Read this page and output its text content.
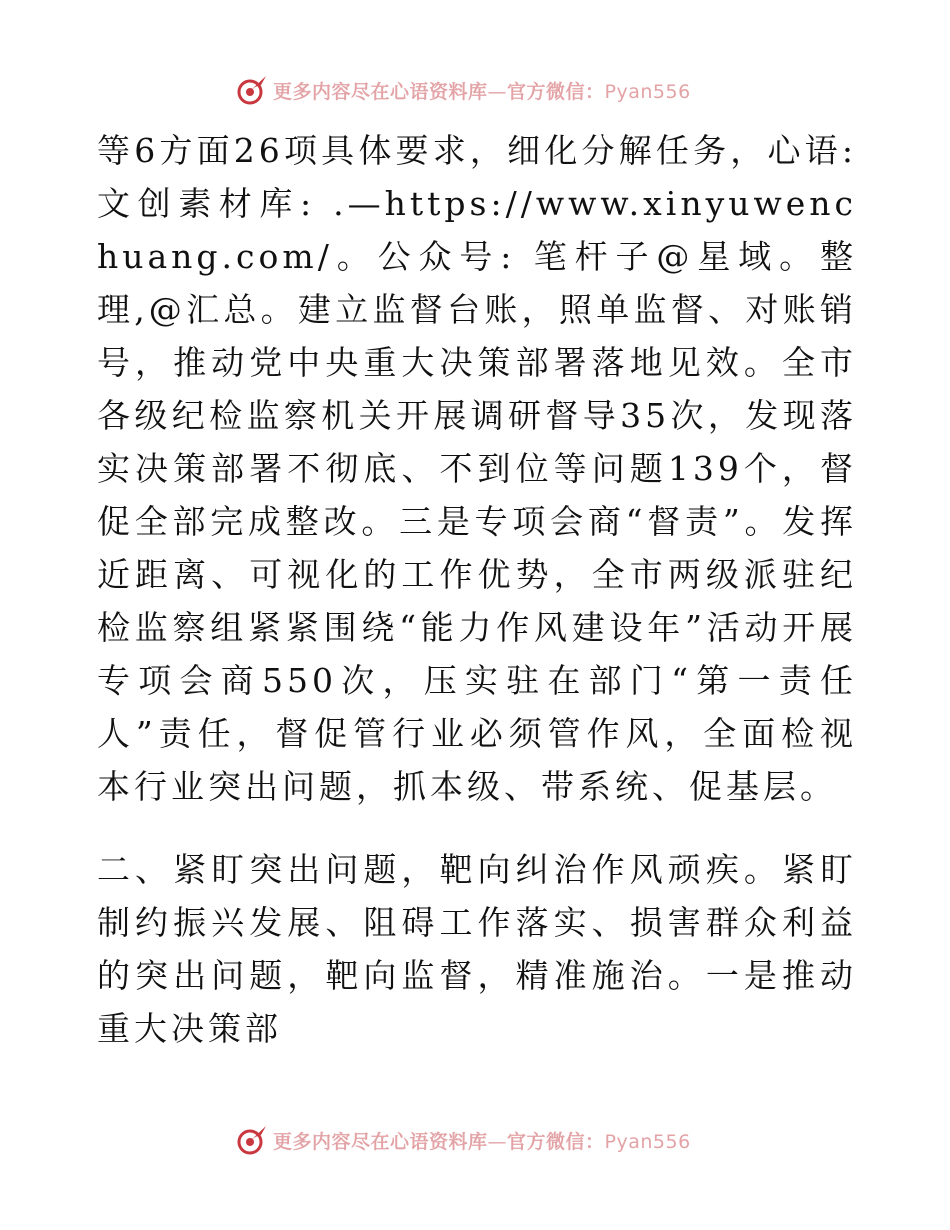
更多内容尽在心语资料库—官方微信：Pyan556

等6方面26项具体要求，细化分解任务，心语:文创素材库: .—https://www.xinyuwenchuang.com/。公众号: 笔杆子@星域。整理,@汇总。建立监督台账，照单监督、对账销号，推动党中央重大决策部署落地见效。全市各级纪检监察机关开展调研督导35次，发现落实决策部署不彻底、不到位等问题139个，督促全部完成整改。三是专项会商“督责”。发挥近距离、可视化的工作优势，全市两级派驻纪检监察组紧紧围绕“能力作风建设年”活动开展专项会商550次，压实驻在部门“第一责任人”责任，督促管行业必须管作风，全面检视本行业突出问题，抓本级、带系统、促基层。

二、紧盯突出问题，靶向纠治作风顽疾。紧盯制约振兴发展、阻碍工作落实、损害群众利益的突出问题，靶向监督，精准施治。一是推动重大决策部

更多内容尽在心语资料库—官方微信：Pyan556
